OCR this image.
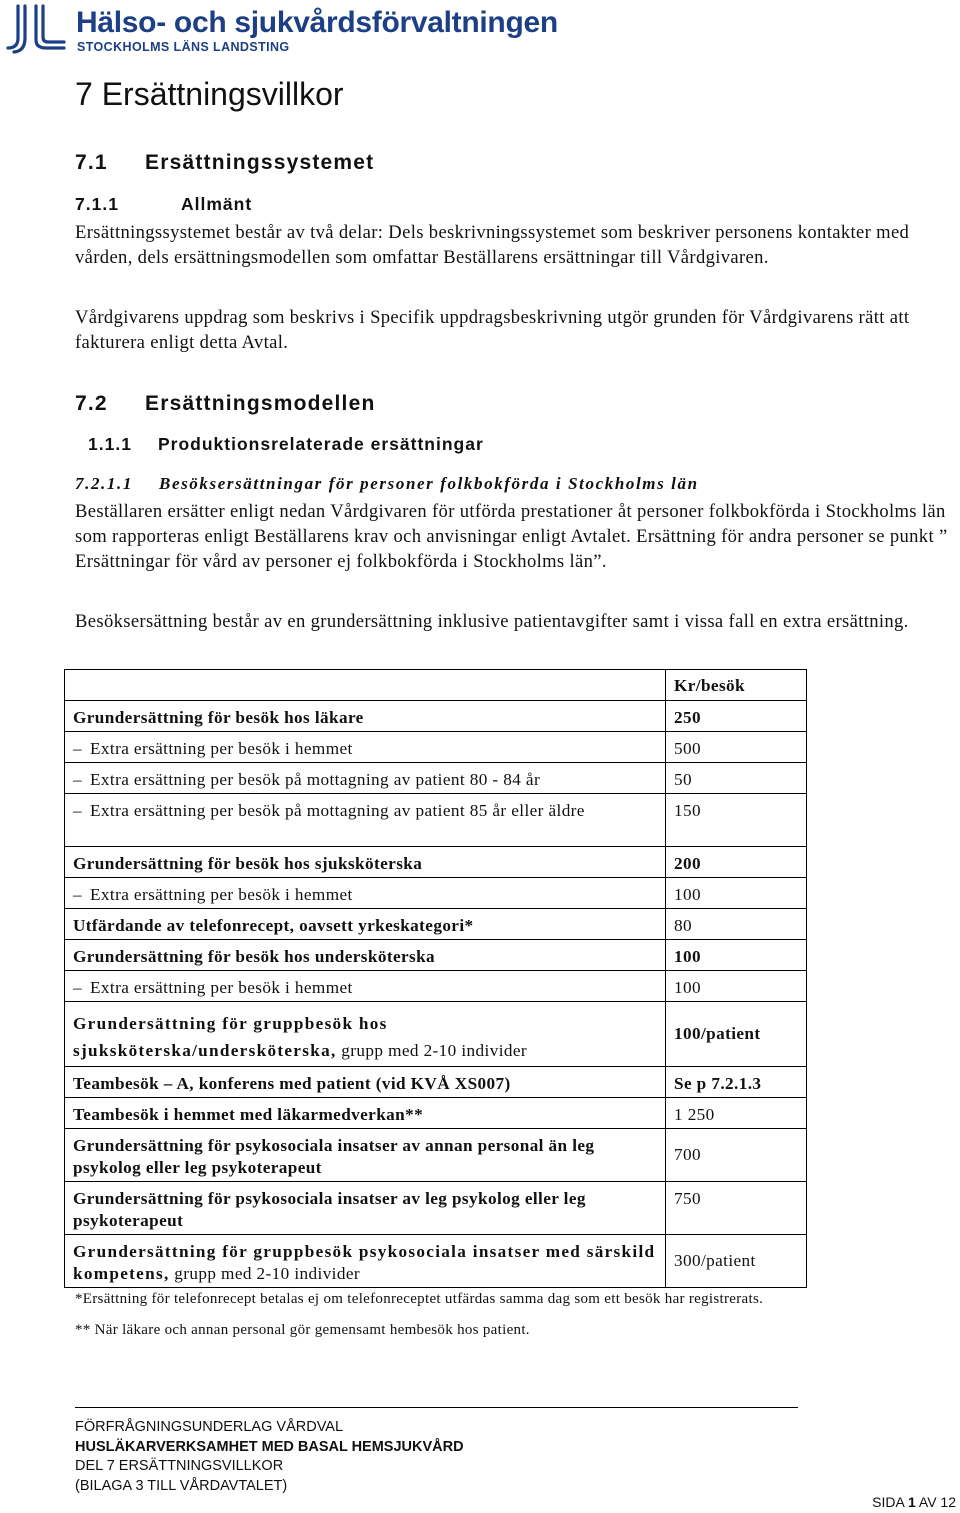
Hälso- och sjukvårdsförvaltningen
STOCKHOLMS LÄNS LANDSTING
7 Ersättningsvillkor
7.1 Ersättningssystemet
7.1.1	Allmänt
Ersättningssystemet består av två delar: Dels beskrivningssystemet som beskriver personens kontakter med vården, dels ersättningsmodellen som omfattar Beställarens ersättningar till Vårdgivaren.
Vårdgivarens uppdrag som beskrivs i Specifik uppdragsbeskrivning utgör grunden för Vårdgivarens rätt att fakturera enligt detta Avtal.
7.2 Ersättningsmodellen
1.1.1 Produktionsrelaterade ersättningar
7.2.1.1 Besöksersättningar för personer folkbokförda i Stockholms län
Beställaren ersätter enligt nedan Vårdgivaren för utförda prestationer åt personer folkbokförda i Stockholms län som rapporteras enligt Beställarens krav och anvisningar enligt Avtalet. Ersättning för andra personer se punkt ” Ersättningar för vård av personer ej folkbokförda i Stockholms län”.
Besöksersättning består av en grundersättning inklusive patientavgifter samt i vissa fall en extra ersättning.
	Kr/besök
Grundersättning för besök hos läkare	250
– Extra ersättning per besök i hemmet	500
– Extra ersättning per besök på mottagning av patient 80 - 84 år	50
– Extra ersättning per besök på mottagning av patient 85 år eller äldre	150
Grundersättning för besök hos sjuksköterska	200
– Extra ersättning per besök i hemmet	100
Utfärdande av telefonrecept, oavsett yrkeskategori*	80
Grundersättning för besök hos undersköterska	100
– Extra ersättning per besök i hemmet	100
Grundersättning för gruppbesök hos
sjuksköterska/undersköterska, grupp med 2-10 individer	100/patient
Teambesök – A, konferens med patient (vid KVÅ XS007)	Se p 7.2.1.3
Teambesök i hemmet med läkarmedverkan**	1 250
Grundersättning för psykosociala insatser av annan personal än leg psykolog eller leg psykoterapeut	700
Grundersättning för psykosociala insatser av leg psykolog eller leg psykoterapeut	750
Grundersättning för gruppbesök psykosociala insatser med särskild kompetens, grupp med 2-10 individer	300/patient
*Ersättning för telefonrecept betalas ej om telefonreceptet utfärdas samma dag som ett besök har registrerats.
** När läkare och annan personal gör gemensamt hembesök hos patient.
FÖRFRÅGNINGSUNDERLAG VÅRDVAL
HUSLÄKARVERKSAMHET MED BASAL HEMSJUKVÅRD
DEL 7 ERSÄTTNINGSVILLKOR
(BILAGA 3 TILL VÅRDAVTALET)
SIDA 1 AV 12
